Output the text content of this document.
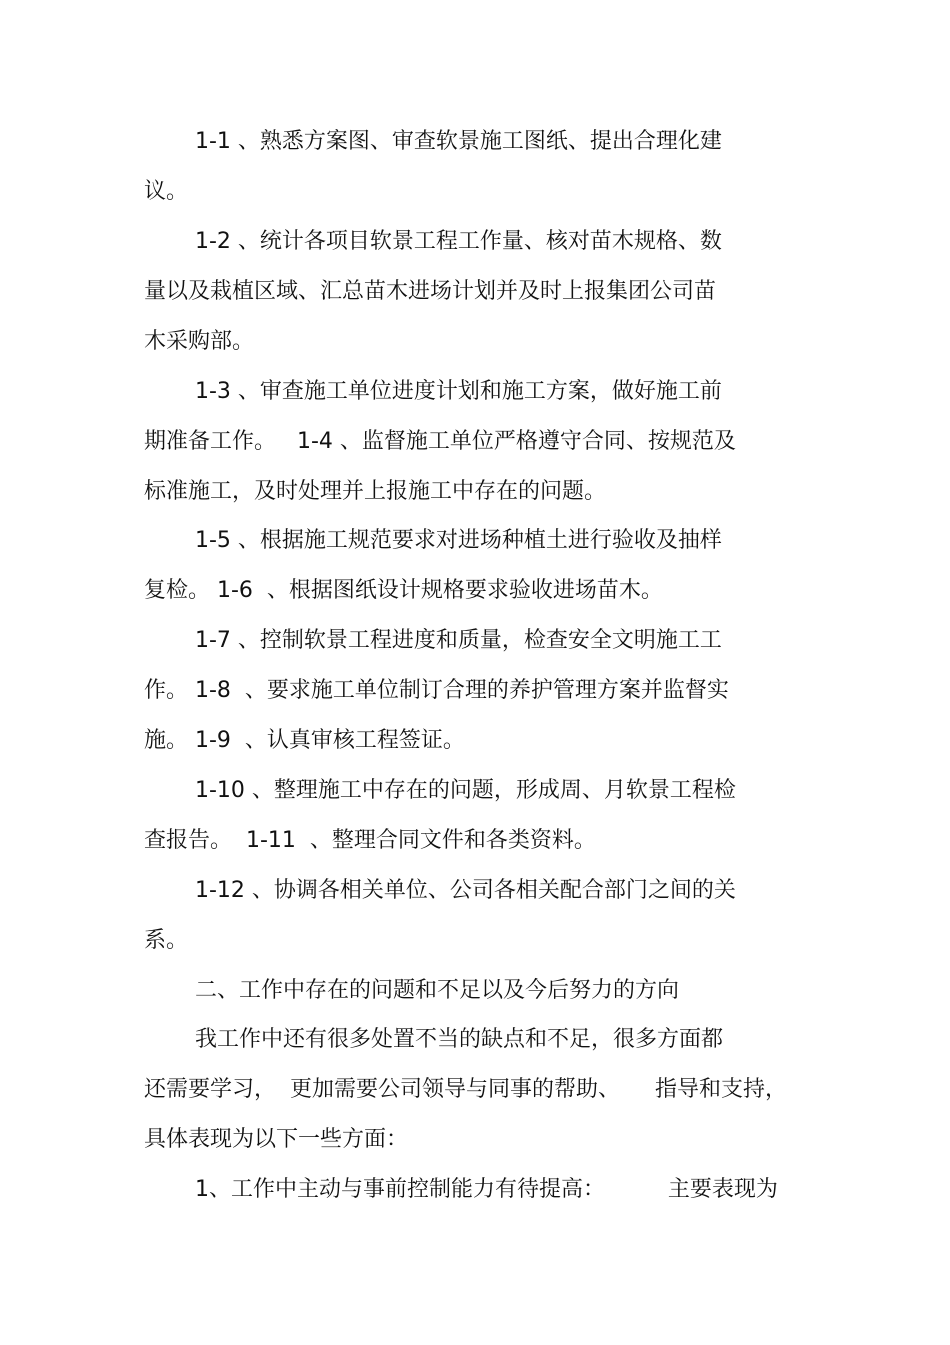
1-1 、熟悉方案图、审查软景施工图纸、提出合理化建
议。
1-2 、统计各项目软景工程工作量、核对苗木规格、数
量以及栽植区域、汇总苗木进场计划并及时上报集团公司苗
木采购部。
1-3 、审查施工单位进度计划和施工方案，做好施工前
期准备工作。   1-4 、监督施工单位严格遵守合同、按规范及
标准施工，及时处理并上报施工中存在的问题。
1-5 、根据施工规范要求对进场种植土进行验收及抽样
复检。 1-6  、根据图纸设计规格要求验收进场苗木。
1-7 、控制软景工程进度和质量，检查安全文明施工工
作。 1-8  、要求施工单位制订合理的养护管理方案并监督实
施。 1-9  、认真审核工程签证。
1-10 、整理施工中存在的问题，形成周、月软景工程检
查报告。  1-11  、整理合同文件和各类资料。
1-12 、协调各相关单位、公司各相关配合部门之间的关
系。
二、工作中存在的问题和不足以及今后努力的方向
我工作中还有很多处置不当的缺点和不足，很多方面都
还需要学习，  更加需要公司领导与同事的帮助、     指导和支持，
具体表现为以下一些方面：
1、工作中主动与事前控制能力有待提高：         主要表现为
